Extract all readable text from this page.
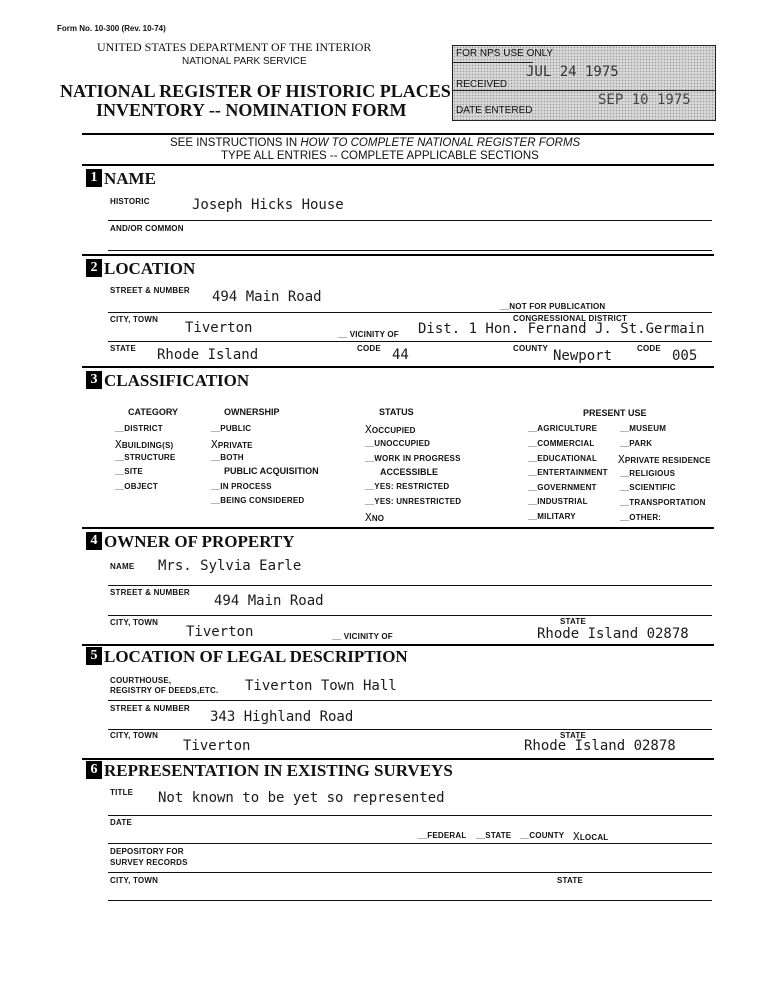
Form No. 10-300 (Rev. 10-74)
UNITED STATES DEPARTMENT OF THE INTERIOR
NATIONAL PARK SERVICE
NATIONAL REGISTER OF HISTORIC PLACES
INVENTORY -- NOMINATION FORM
FOR NPS USE ONLY
RECEIVED
JUL 24 1975
DATE ENTERED
SEP 10 1975
SEE INSTRUCTIONS IN HOW TO COMPLETE NATIONAL REGISTER FORMS
TYPE ALL ENTRIES -- COMPLETE APPLICABLE SECTIONS
1 NAME
HISTORIC	Joseph Hicks House
AND/OR COMMON
2 LOCATION
STREET & NUMBER 494 Main Road
__NOT FOR PUBLICATION
CITY, TOWN	CONGRESSIONAL DISTRICT
Tiverton	__ VICINITY OF Dist. 1 Hon. Fernand J. St.Germain
STATE Rhode Island	CODE 44	COUNTY Newport	CODE 005
3 CLASSIFICATION
CATEGORY
__DISTRICT
XBUILDING(S)
__STRUCTURE
__SITE
__OBJECT
OWNERSHIP
__PUBLIC
XPRIVATE
__BOTH
PUBLIC ACQUISITION
__IN PROCESS
__BEING CONSIDERED
STATUS
XOCCUPIED
__UNOCCUPIED
__WORK IN PROGRESS
ACCESSIBLE
__YES: RESTRICTED
__YES: UNRESTRICTED
XNO
PRESENT USE
__AGRICULTURE
__COMMERCIAL
__EDUCATIONAL
__ENTERTAINMENT
__GOVERNMENT
__INDUSTRIAL
__MILITARY
__MUSEUM
__PARK
XPRIVATE RESIDENCE
__RELIGIOUS
__SCIENTIFIC
__TRANSPORTATION
__OTHER:
4 OWNER OF PROPERTY
NAME Mrs. Sylvia Earle
STREET & NUMBER
494 Main Road
CITY, TOWN	STATE
Tiverton	__ VICINITY OF	Rhode Island 02878
5 LOCATION OF LEGAL DESCRIPTION
COURTHOUSE,
REGISTRY OF DEEDS,ETC. Tiverton Town Hall
STREET & NUMBER
343 Highland Road
CITY, TOWN	STATE
Tiverton	Rhode Island 02878
6 REPRESENTATION IN EXISTING SURVEYS
TITLE Not known to be yet so represented
DATE
__FEDERAL __STATE __COUNTY XLOCAL
DEPOSITORY FOR
SURVEY RECORDS
CITY, TOWN	STATE
